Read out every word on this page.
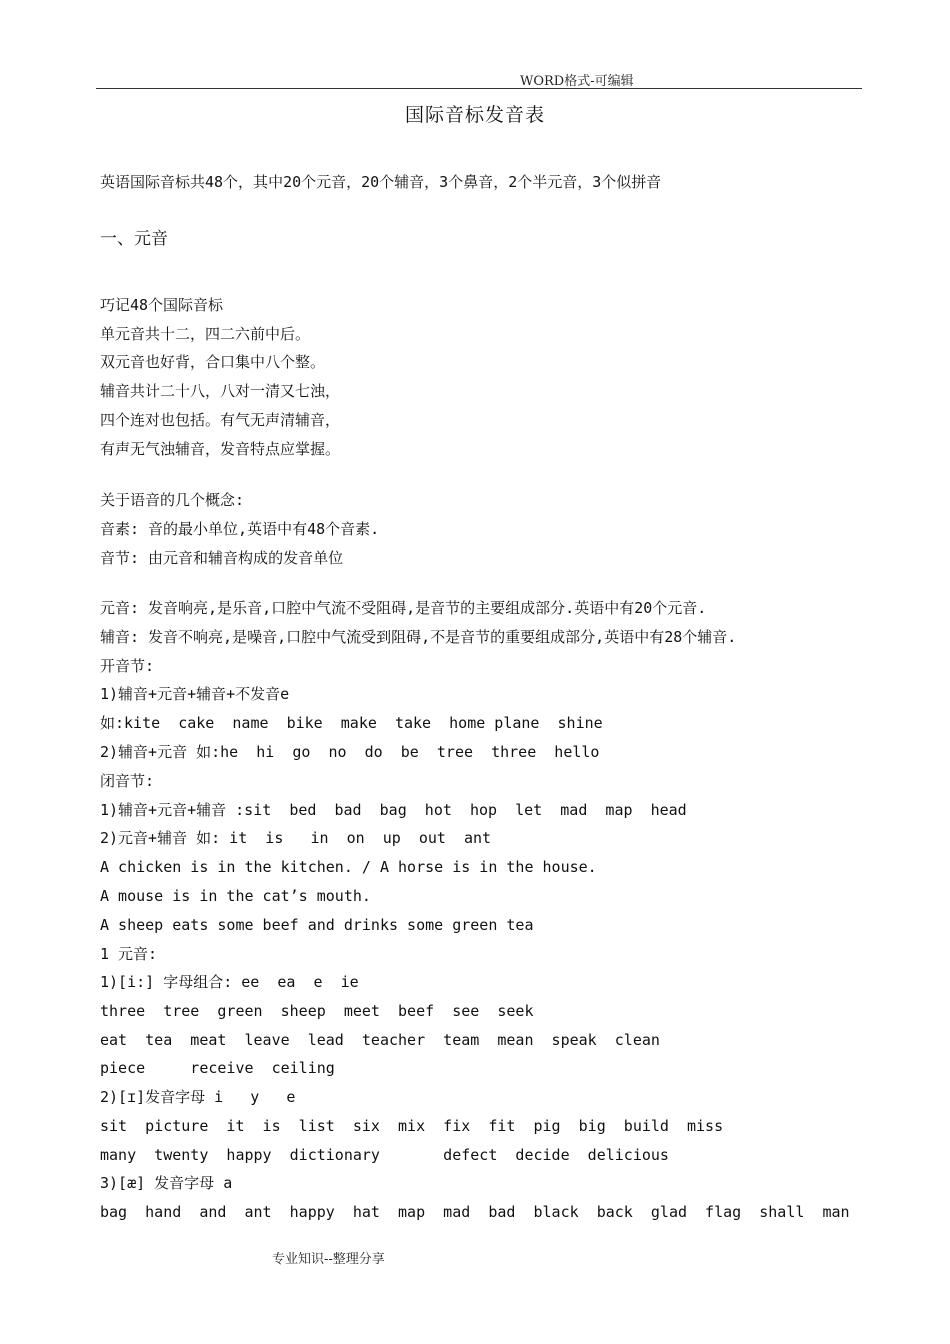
WORD格式-可编辑
国际音标发音表
英语国际音标共48个，其中20个元音，20个辅音，3个鼻音，2个半元音，3个似拼音
一、元音
巧记48个国际音标
单元音共十二，四二六前中后。
双元音也好背，合口集中八个整。
辅音共计二十八，八对一清又七浊，
四个连对也包括。有气无声清辅音，
有声无气浊辅音，发音特点应掌握。
关于语音的几个概念:
音素: 音的最小单位,英语中有48个音素.
音节: 由元音和辅音构成的发音单位
元音: 发音响亮,是乐音,口腔中气流不受阻碍,是音节的主要组成部分.英语中有20个元音.
辅音: 发音不响亮,是噪音,口腔中气流受到阻碍,不是音节的重要组成部分,英语中有28个辅音.
开音节:
1)辅音+元音+辅音+不发音e
如:kite  cake  name  bike  make  take  home plane  shine
2)辅音+元音 如:he  hi  go  no  do  be  tree  three  hello
闭音节:
1)辅音+元音+辅音 :sit  bed  bad  bag  hot  hop  let  mad  map  head
2)元音+辅音 如: it  is   in  on  up  out  ant
A chicken is in the kitchen. / A horse is in the house.
A mouse is in the cat’s mouth.
A sheep eats some beef and drinks some green tea
1 元音:
1)[i:] 字母组合: ee  ea  e  ie
three  tree  green  sheep  meet  beef  see  seek
eat  tea  meat  leave  lead  teacher  team  mean  speak  clean
piece     receive  ceiling
2)[ɪ]发音字母 i   y   e
sit  picture  it  is  list  six  mix  fix  fit  pig  big  build  miss
many  twenty  happy  dictionary       defect  decide  delicious
3)[æ] 发音字母 a
bag  hand  and  ant  happy  hat  map  mad  bad  black  back  glad  flag  shall  man
专业知识--整理分享
